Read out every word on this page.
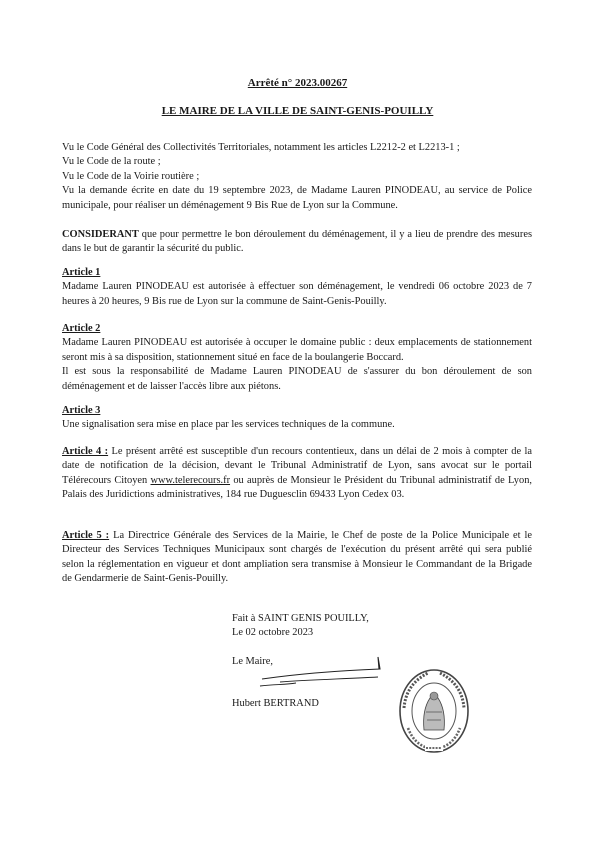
Arrêté n° 2023.00267
LE MAIRE DE LA VILLE DE SAINT-GENIS-POUILLY

Vu le Code Général des Collectivités Territoriales, notamment les articles L2212-2 et L2213-1 ;

Vu le Code de la route ;

Vu le Code de la Voirie routière ;

Vu la demande écrite en date du 19 septembre 2023, de Madame Lauren PINODEAU, au service de Police municipale, pour réaliser un déménagement 9 Bis Rue de Lyon sur la Commune.

CONSIDERANT que pour permettre le bon déroulement du déménagement, il y a lieu de prendre des mesures dans le but de garantir la sécurité du public.

Article 1

Madame Lauren PINODEAU est autorisée à effectuer son déménagement, le vendredi 06 octobre 2023 de 7 heures à 20 heures, 9 Bis rue de Lyon sur la commune de Saint-Genis-Pouilly.

Article 2

Madame Lauren PINODEAU est autorisée à occuper le domaine public : deux emplacements de stationnement seront mis à sa disposition, stationnement situé en face de la boulangerie Boccard.

Il est sous la responsabilité de Madame Lauren PINODEAU de s'assurer du bon déroulement de son déménagement et de laisser l'accès libre aux piétons.

Article 3

Une signalisation sera mise en place par les services techniques de la commune.

Article 4 : Le présent arrêté est susceptible d'un recours contentieux, dans un délai de 2 mois à compter de la date de notification de la décision, devant le Tribunal Administratif de Lyon, sans avocat sur le portail Télérecours Citoyen www.telerecours.fr ou auprès de Monsieur le Président du Tribunal administratif de Lyon, Palais des Juridictions administratives, 184 rue Duguesclin 69433 Lyon Cedex 03.
Article 5 : La Directrice Générale des Services de la Mairie, le Chef de poste de la Police Municipale et le Directeur des Services Techniques Municipaux sont chargés de l'exécution du présent arrêté qui sera publié selon la réglementation en vigueur et dont ampliation sera transmise à Monsieur le Commandant de la Brigade de Gendarmerie de Saint-Genis-Pouilly.
Fait à SAINT GENIS POUILLY,
Le 02 octobre 2023
Le Maire,
Hubert BERTRAND
